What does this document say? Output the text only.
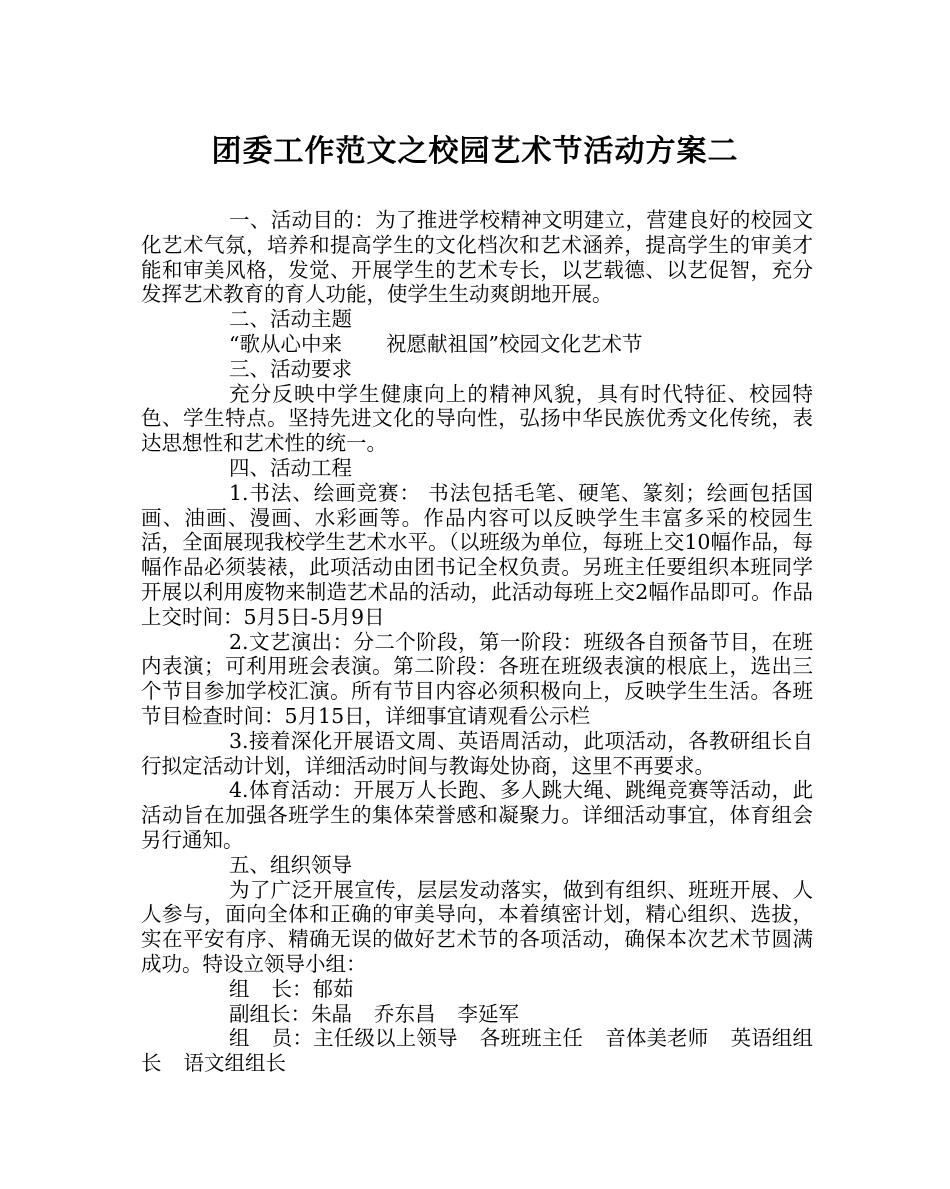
团委工作范文之校园艺术节活动方案二

一、活动目的：为了推进学校精神文明建立，营建良好的校园文化艺术气氛，培养和提高学生的文化档次和艺术涵养，提高学生的审美才能和审美风格，发觉、开展学生的艺术专长，以艺载德、以艺促智，充分发挥艺术教育的育人功能，使学生生动爽朗地开展。

二、活动主题

“歌从心中来 祝愿献祖国”校园文化艺术节

三、活动要求

充分反映中学生健康向上的精神风貌，具有时代特征、校园特色、学生特点。坚持先进文化的导向性，弘扬中华民族优秀文化传统，表达思想性和艺术性的统一。

四、活动工程

1.书法、绘画竞赛： 书法包括毛笔、硬笔、篆刻；绘画包括国画、油画、漫画、水彩画等。作品内容可以反映学生丰富多采的校园生活，全面展现我校学生艺术水平。（以班级为单位，每班上交10幅作品，每幅作品必须装裱，此项活动由团书记全权负责。另班主任要组织本班同学开展以利用废物来制造艺术品的活动，此活动每班上交2幅作品即可。作品上交时间：5月5日-5月9日

2.文艺演出：分二个阶段，第一阶段：班级各自预备节目，在班内表演；可利用班会表演。第二阶段：各班在班级表演的根底上，选出三个节目参加学校汇演。所有节目内容必须积极向上，反映学生生活。各班节目检查时间：5月15日，详细事宜请观看公示栏

3.接着深化开展语文周、英语周活动，此项活动，各教研组长自行拟定活动计划，详细活动时间与教诲处协商，这里不再要求。

4.体育活动：开展万人长跑、多人跳大绳、跳绳竞赛等活动，此活动旨在加强各班学生的集体荣誉感和凝聚力。详细活动事宜，体育组会另行通知。

五、组织领导

为了广泛开展宣传，层层发动落实，做到有组织、班班开展、人人参与，面向全体和正确的审美导向，本着缜密计划，精心组织、选拔，实在平安有序、精确无误的做好艺术节的各项活动，确保本次艺术节圆满成功。特设立领导小组：

组 长：郁茹

副组长：朱晶 乔东昌 李延军

组 员：主任级以上领导 各班班主任 音体美老师 英语组组长 语文组组长
